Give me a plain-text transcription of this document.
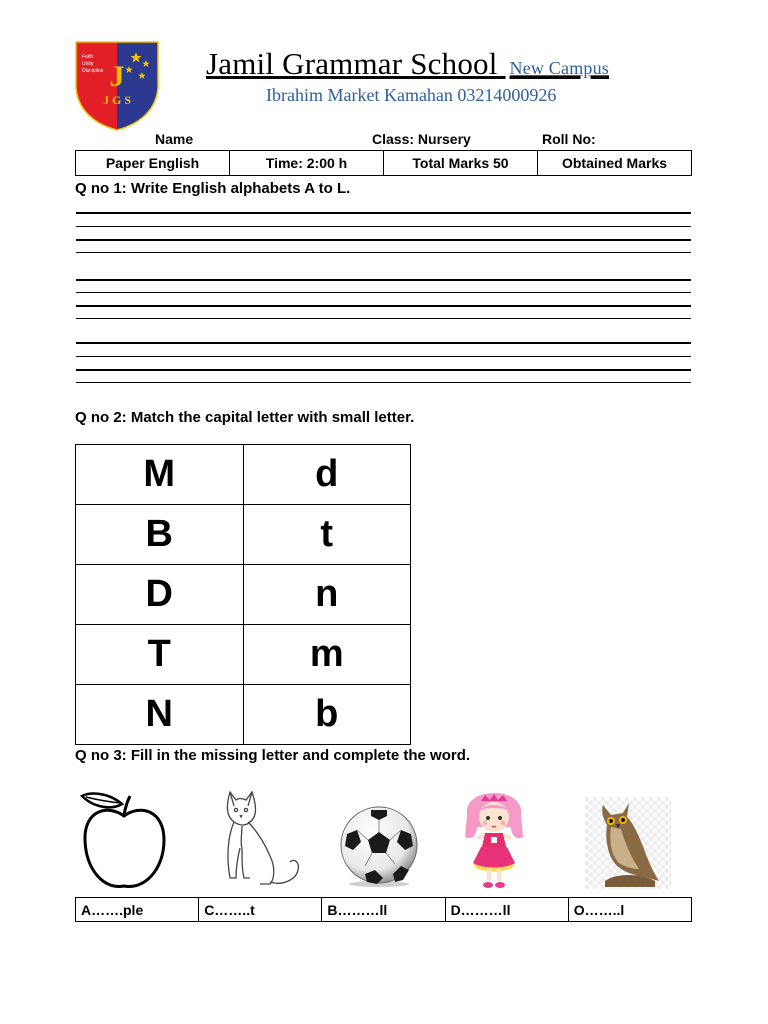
Faith
Unity
Discipline J
J G S
Jamil Grammar School New Campus
Ibrahim Market Kamahan 03214000926
Name	Class: Nursery	Roll No:
Paper English	Time: 2:00 h	Total Marks 50	Obtained Marks
Q no 1: Write English alphabets A to L.
Q no 2: Match the capital letter with small letter.
M	d
B	t
D	n
T	m
N	b
Q no 3: Fill in the missing letter and complete the word.
A…….ple	C……..t	B………ll	D………ll	O……..l
